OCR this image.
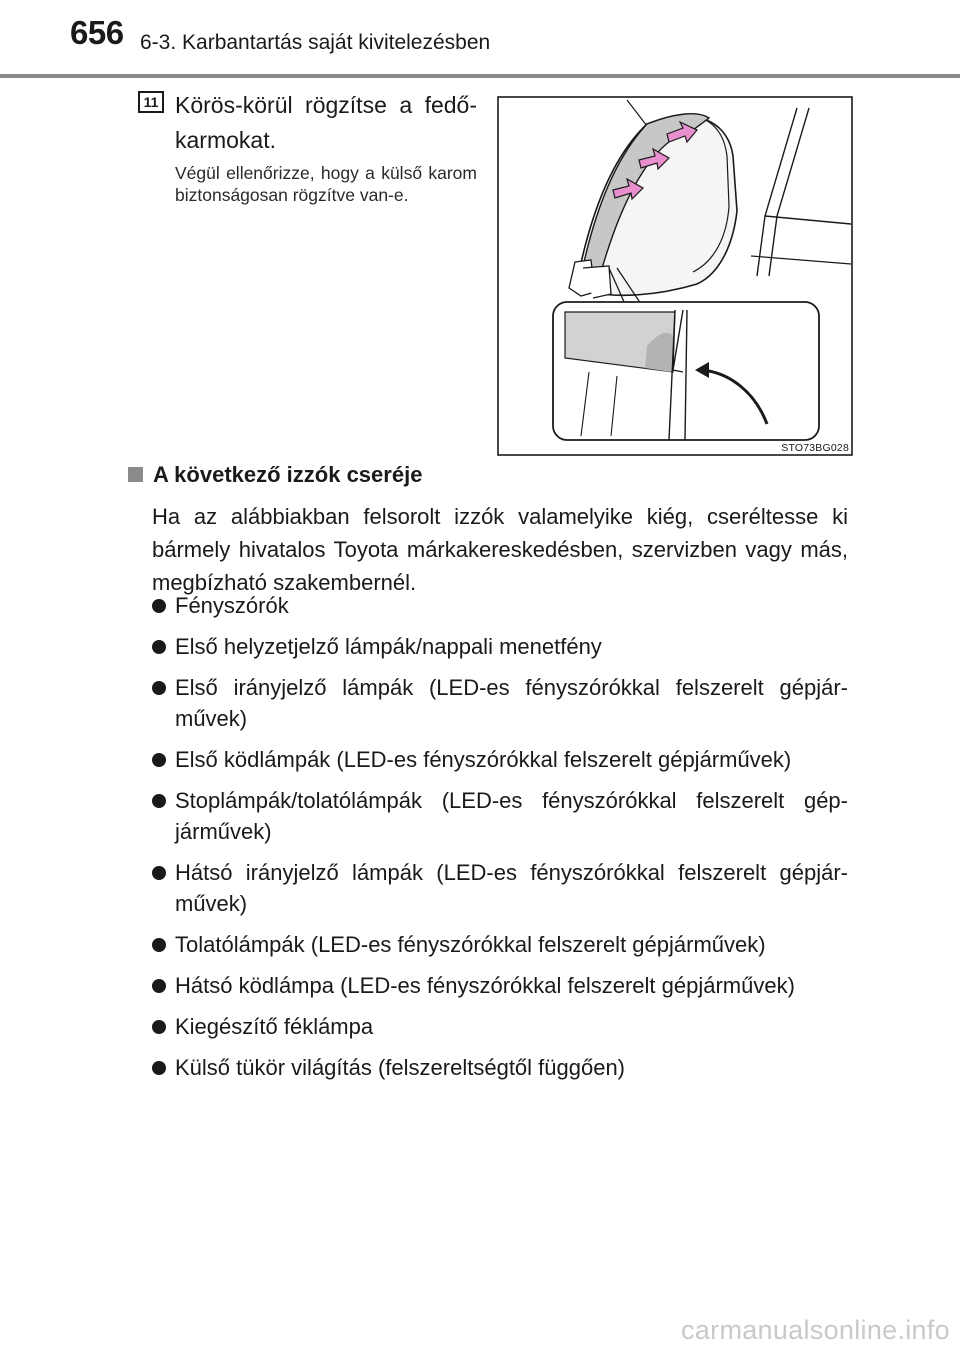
656 6-3. Karbantartás saját kivitelezésben
11 Körös-körül rögzítse a fedő-karmokat.
Végül ellenőrizze, hogy a külső karom biztonságosan rögzítve van-e.
STO73BG028
A következő izzók cseréje
Ha az alábbiakban felsorolt izzók valamelyike kiég, cseréltesse ki bármely hivatalos Toyota márkakereskedésben, szervizben vagy más, megbízható szakembernél.
Fényszórók
Első helyzetjelző lámpák/nappali menetfény
Első irányjelző lámpák (LED-es fényszórókkal felszerelt gépjár-művek)
Első ködlámpák (LED-es fényszórókkal felszerelt gépjárművek)
Stoplámpák/tolatólámpák (LED-es fényszórókkal felszerelt gép-járművek)
Hátsó irányjelző lámpák (LED-es fényszórókkal felszerelt gépjár-művek)
Tolatólámpák (LED-es fényszórókkal felszerelt gépjárművek)
Hátsó ködlámpa (LED-es fényszórókkal felszerelt gépjárművek)
Kiegészítő féklámpa
Külső tükör világítás (felszereltségtől függően)
carmanualsonline.info
